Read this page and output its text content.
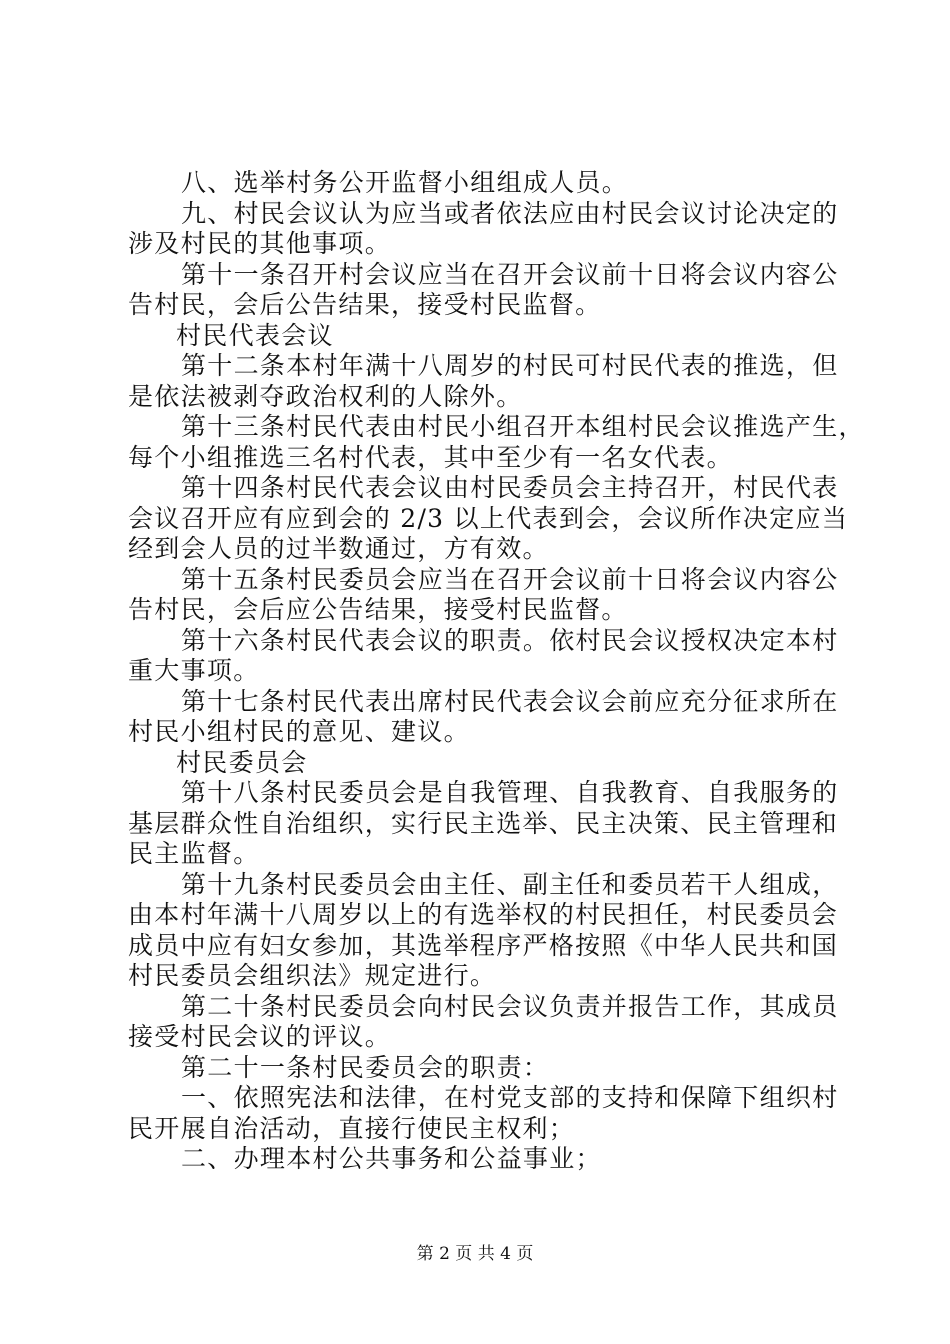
八、选举村务公开监督小组组成人员。
九、村民会议认为应当或者依法应由村民会议讨论决定的
涉及村民的其他事项。
第十一条召开村会议应当在召开会议前十日将会议内容公
告村民，会后公告结果，接受村民监督。
村民代表会议
第十二条本村年满十八周岁的村民可村民代表的推选，但
是依法被剥夺政治权利的人除外。
第十三条村民代表由村民小组召开本组村民会议推选产生，
每个小组推选三名村代表，其中至少有一名女代表。
第十四条村民代表会议由村民委员会主持召开，村民代表
会议召开应有应到会的 2/3 以上代表到会，会议所作决定应当
经到会人员的过半数通过，方有效。
第十五条村民委员会应当在召开会议前十日将会议内容公
告村民，会后应公告结果，接受村民监督。
第十六条村民代表会议的职责。依村民会议授权决定本村
重大事项。
第十七条村民代表出席村民代表会议会前应充分征求所在
村民小组村民的意见、建议。
村民委员会
第十八条村民委员会是自我管理、自我教育、自我服务的
基层群众性自治组织，实行民主选举、民主决策、民主管理和
民主监督。
第十九条村民委员会由主任、副主任和委员若干人组成，
由本村年满十八周岁以上的有选举权的村民担任，村民委员会
成员中应有妇女参加，其选举程序严格按照《中华人民共和国
村民委员会组织法》规定进行。
第二十条村民委员会向村民会议负责并报告工作，其成员
接受村民会议的评议。
第二十一条村民委员会的职责：
一、依照宪法和法律，在村党支部的支持和保障下组织村
民开展自治活动，直接行使民主权利；
二、办理本村公共事务和公益事业；
第 2 页 共 4 页
